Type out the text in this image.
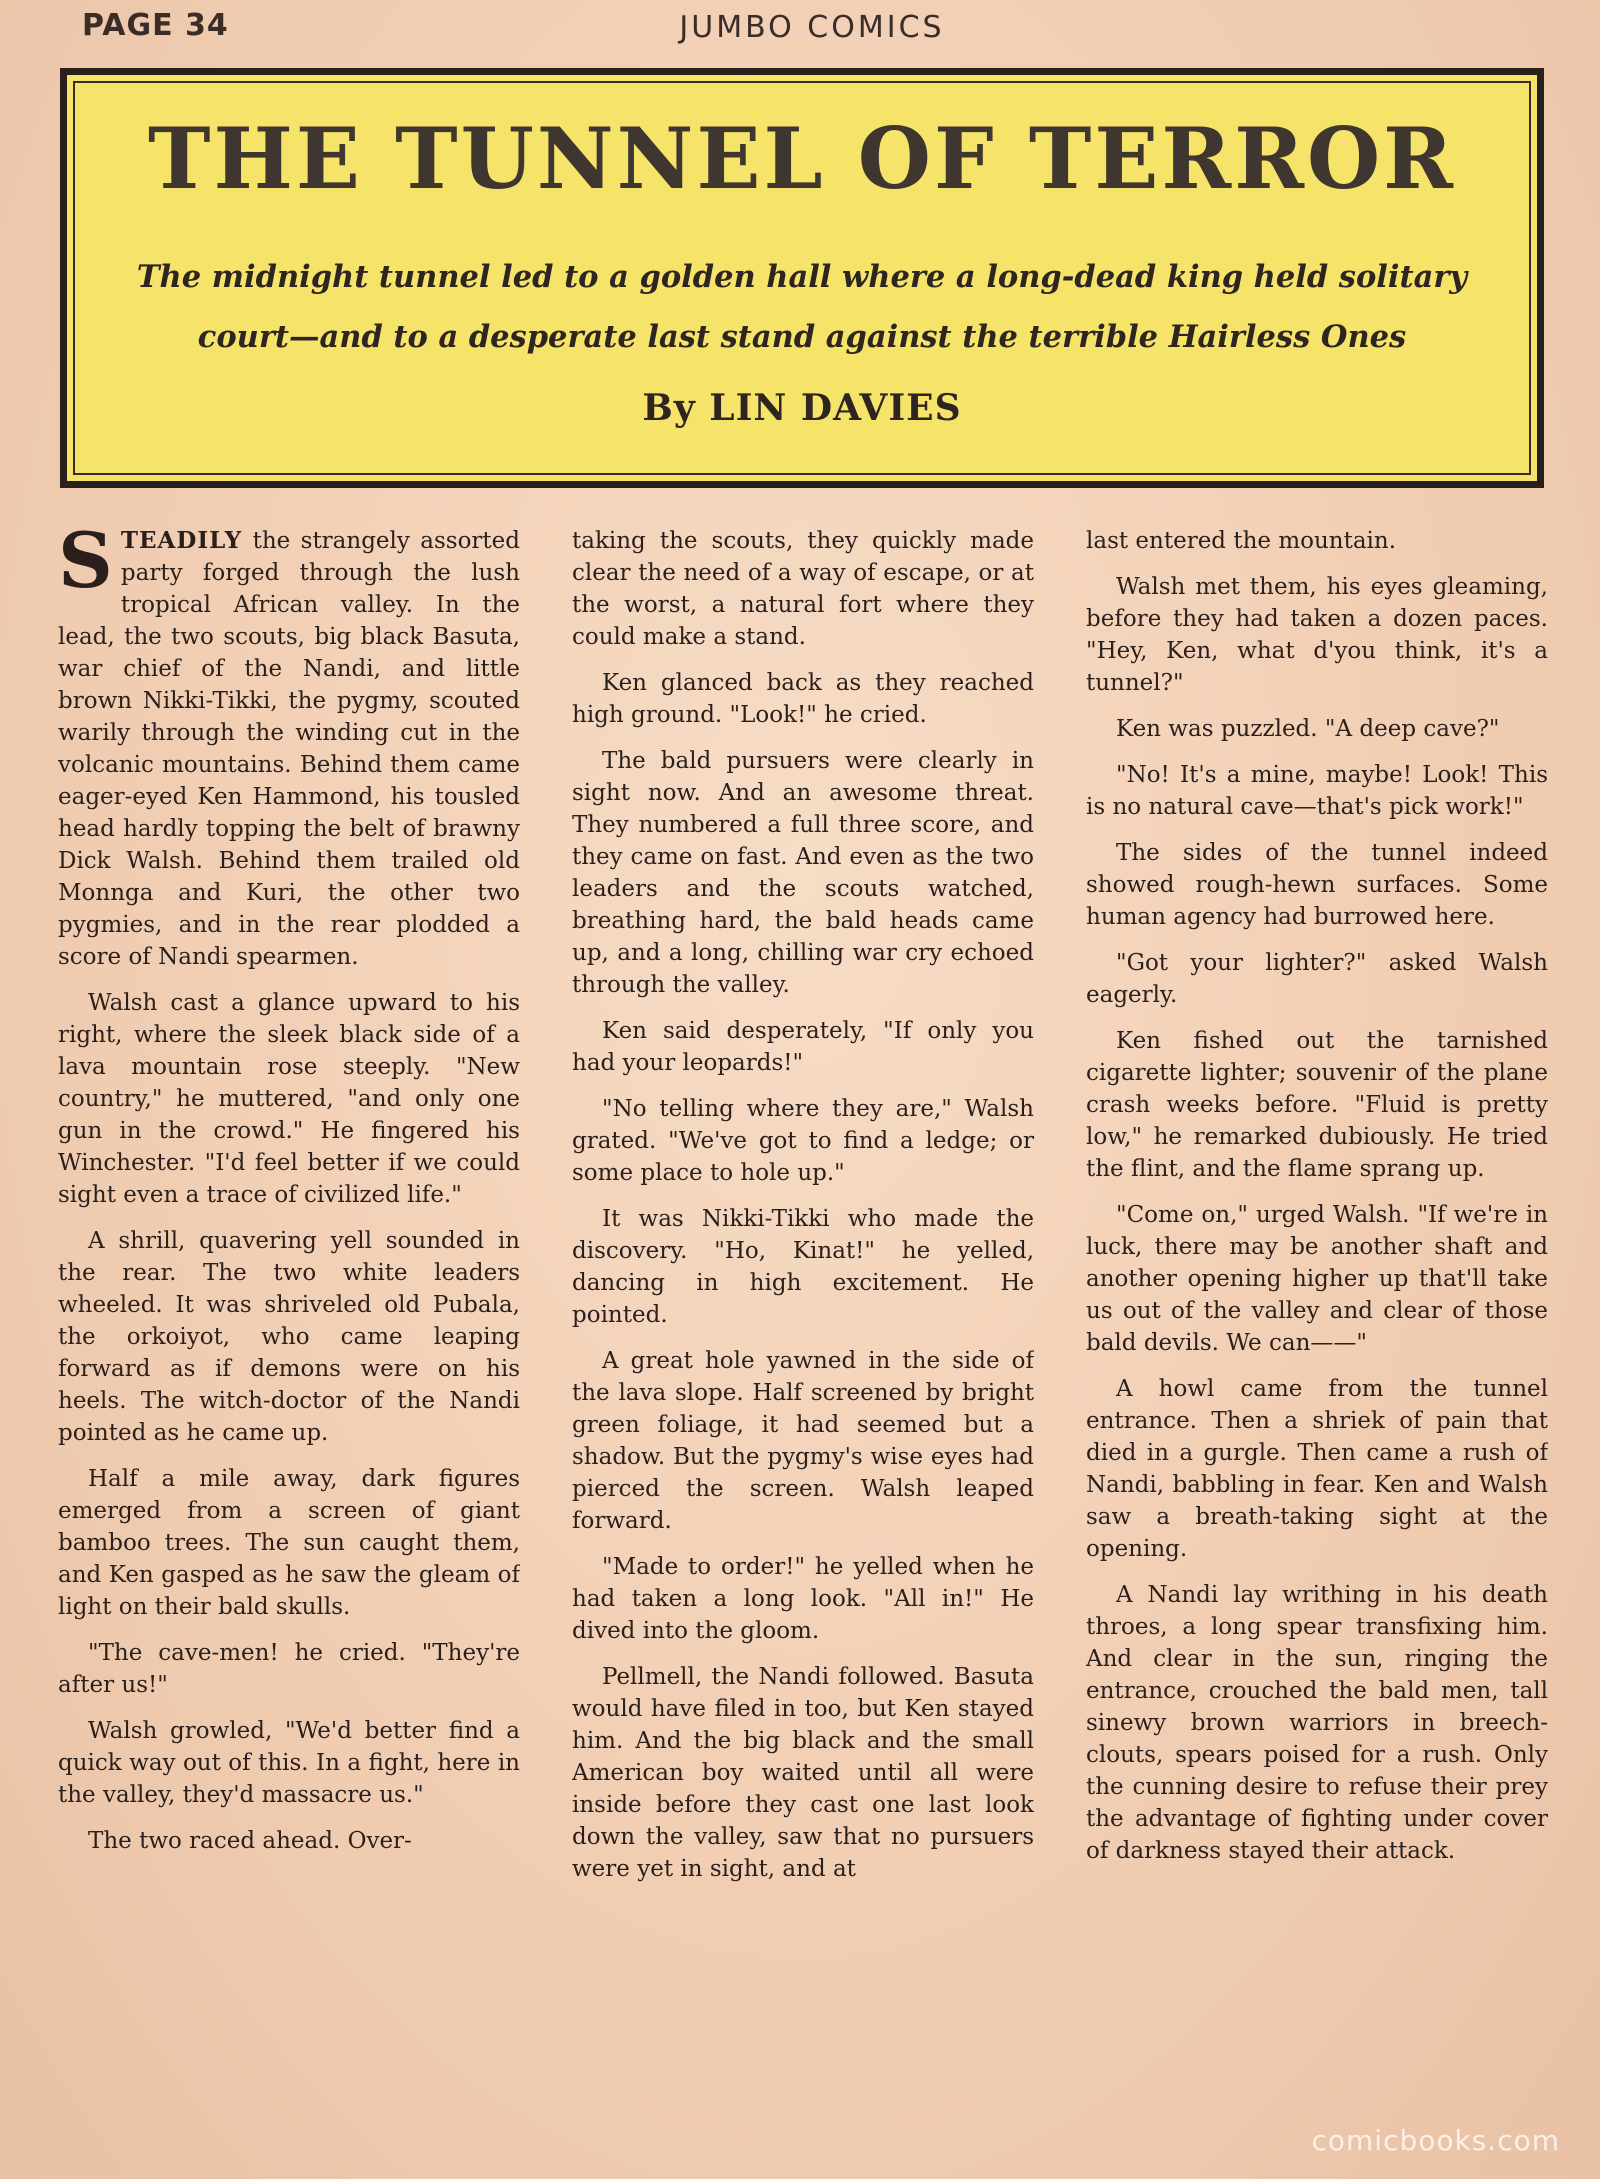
PAGE 34	JUMBO COMICS
THE TUNNEL OF TERROR
The midnight tunnel led to a golden hall where a long-dead king held solitary court—and to a desperate last stand against the terrible Hairless Ones
By LIN DAVIES

STEADILY the strangely assorted party forged through the lush tropical African valley. In the lead, the two scouts, big black Basuta, war chief of the Nandi, and little brown Nikki-Tikki, the pygmy, scouted warily through the winding cut in the volcanic mountains. Behind them came eager-eyed Ken Hammond, his tousled head hardly topping the belt of brawny Dick Walsh. Behind them trailed old Monnga and Kuri, the other two pygmies, and in the rear plodded a score of Nandi spearmen.

Walsh cast a glance upward to his right, where the sleek black side of a lava mountain rose steeply. "New country," he muttered, "and only one gun in the crowd." He fingered his Winchester. "I'd feel better if we could sight even a trace of civilized life."

A shrill, quavering yell sounded in the rear. The two white leaders wheeled. It was shriveled old Pubala, the orkoiyot, who came leaping forward as if demons were on his heels. The witch-doctor of the Nandi pointed as he came up.

Half a mile away, dark figures emerged from a screen of giant bamboo trees. The sun caught them, and Ken gasped as he saw the gleam of light on their bald skulls.

"The cave-men! he cried. "They're after us!"

Walsh growled, "We'd better find a quick way out of this. In a fight, here in the valley, they'd massacre us."

The two raced ahead. Over-

taking the scouts, they quickly made clear the need of a way of escape, or at the worst, a natural fort where they could make a stand.

Ken glanced back as they reached high ground. "Look!" he cried.

The bald pursuers were clearly in sight now. And an awesome threat. They numbered a full three score, and they came on fast. And even as the two leaders and the scouts watched, breathing hard, the bald heads came up, and a long, chilling war cry echoed through the valley.

Ken said desperately, "If only you had your leopards!"

"No telling where they are," Walsh grated. "We've got to find a ledge; or some place to hole up."

It was Nikki-Tikki who made the discovery. "Ho, Kinat!" he yelled, dancing in high excitement. He pointed.

A great hole yawned in the side of the lava slope. Half screened by bright green foliage, it had seemed but a shadow. But the pygmy's wise eyes had pierced the screen. Walsh leaped forward.

"Made to order!" he yelled when he had taken a long look. "All in!" He dived into the gloom.

Pellmell, the Nandi followed. Basuta would have filed in too, but Ken stayed him. And the big black and the small American boy waited until all were inside before they cast one last look down the valley, saw that no pursuers were yet in sight, and at

last entered the mountain.

Walsh met them, his eyes gleaming, before they had taken a dozen paces. "Hey, Ken, what d'you think, it's a tunnel?"

Ken was puzzled. "A deep cave?"

"No! It's a mine, maybe! Look! This is no natural cave—that's pick work!"

The sides of the tunnel indeed showed rough-hewn surfaces. Some human agency had burrowed here.

"Got your lighter?" asked Walsh eagerly.

Ken fished out the tarnished cigarette lighter; souvenir of the plane crash weeks before. "Fluid is pretty low," he remarked dubiously. He tried the flint, and the flame sprang up.

"Come on," urged Walsh. "If we're in luck, there may be another shaft and another opening higher up that'll take us out of the valley and clear of those bald devils. We can——"

A howl came from the tunnel entrance. Then a shriek of pain that died in a gurgle. Then came a rush of Nandi, babbling in fear. Ken and Walsh saw a breath-taking sight at the opening.

A Nandi lay writhing in his death throes, a long spear transfixing him. And clear in the sun, ringing the entrance, crouched the bald men, tall sinewy brown warriors in breech-clouts, spears poised for a rush. Only the cunning desire to refuse their prey the advantage of fighting under cover of darkness stayed their attack.

comicbooks.com
